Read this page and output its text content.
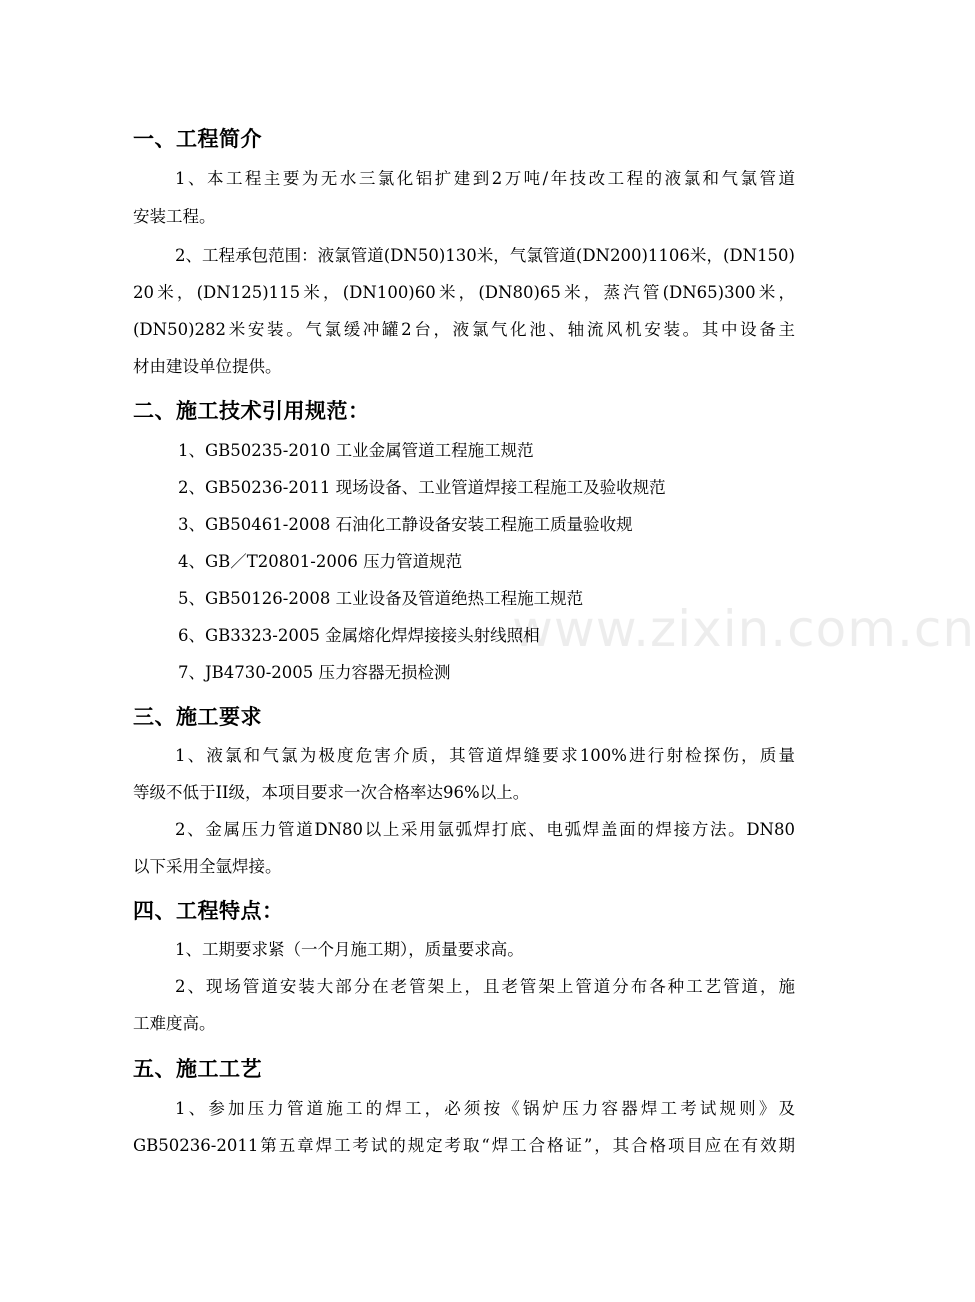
一、工程简介
1、本工程主要为无水三氯化铝扩建到2万吨/年技改工程的液氯和气氯管道
安装工程。
2、工程承包范围：液氯管道(DN50)130米，气氯管道(DN200)1106米，(DN150)
20米，(DN125)115米，(DN100)60米，(DN80)65米，蒸汽管(DN65)300米，
(DN50)282米安装。气氯缓冲罐2台，液氯气化池、轴流风机安装。其中设备主
材由建设单位提供。
二、施工技术引用规范：
1、GB50235-2010 工业金属管道工程施工规范
2、GB50236-2011 现场设备、工业管道焊接工程施工及验收规范
3、GB50461-2008 石油化工静设备安装工程施工质量验收规
4、GB／T20801-2006 压力管道规范
5、GB50126-2008 工业设备及管道绝热工程施工规范
6、GB3323-2005 金属熔化焊焊接接头射线照相
7、JB4730-2005 压力容器无损检测
三、施工要求
1、液氯和气氯为极度危害介质，其管道焊缝要求100%进行射检探伤，质量
等级不低于II级，本项目要求一次合格率达96%以上。
2、金属压力管道DN80以上采用氩弧焊打底、电弧焊盖面的焊接方法。DN80
以下采用全氩焊接。
四、工程特点：
1、工期要求紧（一个月施工期），质量要求高。
2、现场管道安装大部分在老管架上，且老管架上管道分布各种工艺管道，施
工难度高。
五、施工工艺
1、参加压力管道施工的焊工，必须按《锅炉压力容器焊工考试规则》及
GB50236-2011第五章焊工考试的规定考取“焊工合格证”，其合格项目应在有效期
www.zixin.com.cn
